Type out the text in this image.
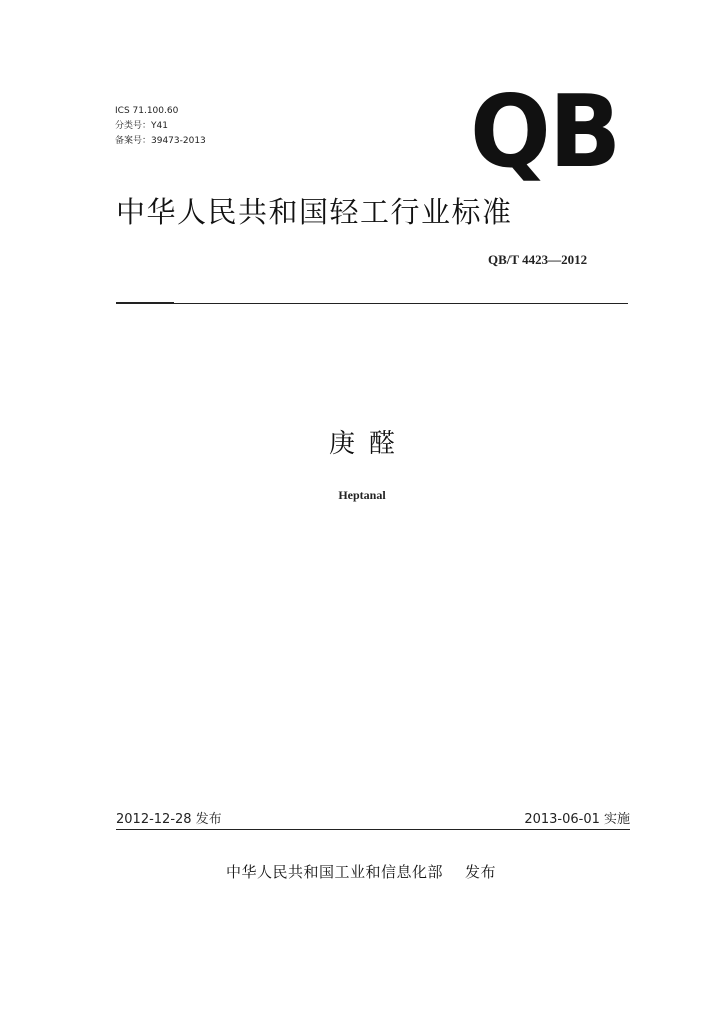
ICS 71.100.60
分类号：Y41
备案号：39473-2013	QB
中华人民共和国轻工行业标准
QB/T 4423—2012
庚醛
Heptanal
2012-12-28 发布	2013-06-01 实施
中华人民共和国工业和信息化部 发布
